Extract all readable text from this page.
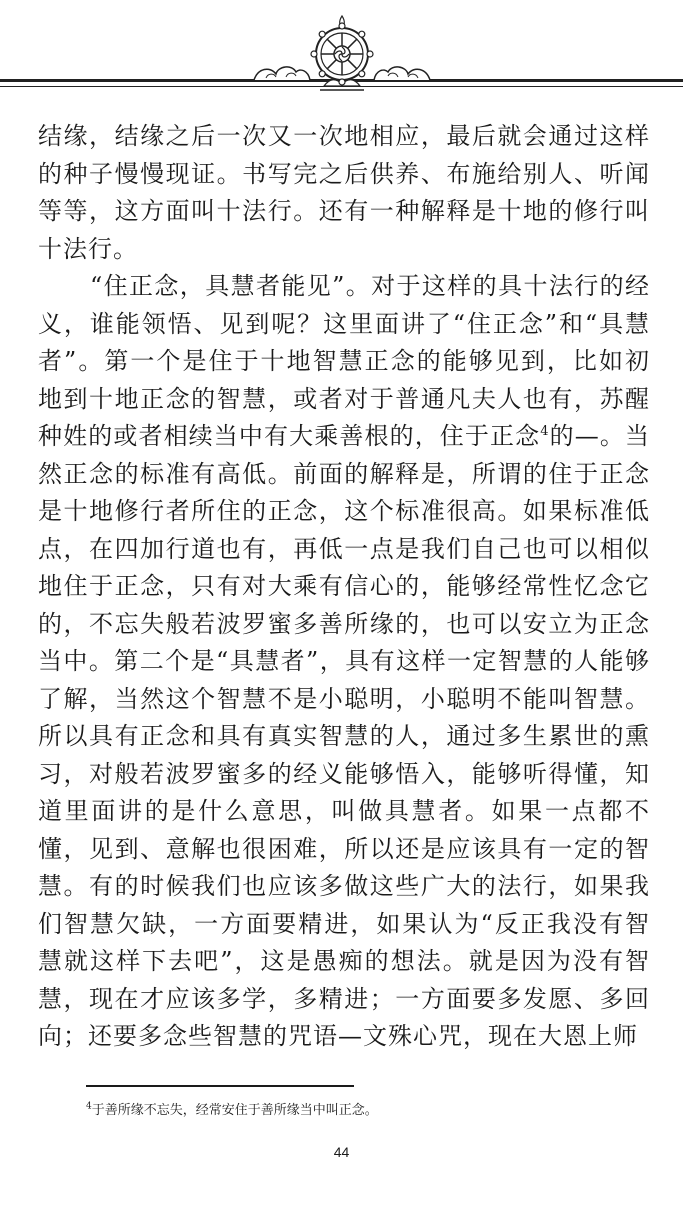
结缘，结缘之后一次又一次地相应，最后就会通过这样的种子慢慢现证。书写完之后供养、布施给别人、听闻等等，这方面叫十法行。还有一种解释是十地的修行叫十法行。

“住正念，具慧者能见”。对于这样的具十法行的经义，谁能领悟、见到呢？这里面讲了“住正念”和“具慧者”。第一个是住于十地智慧正念的能够见到，比如初地到十地正念的智慧，或者对于普通凡夫人也有，苏醒种姓的或者相续当中有大乘善根的，住于正念$^4$的—。当然正念的标准有高低。前面的解释是，所谓的住于正念是十地修行者所住的正念，这个标准很高。如果标准低点，在四加行道也有，再低一点是我们自己也可以相似地住于正念，只有对大乘有信心的，能够经常性忆念它的，不忘失般若波罗蜜多善所缘的，也可以安立为正念当中。第二个是“具慧者”，具有这样一定智慧的人能够了解，当然这个智慧不是小聪明，小聪明不能叫智慧。所以具有正念和具有真实智慧的人，通过多生累世的熏习，对般若波罗蜜多的经义能够悟入，能够听得懂，知道里面讲的是什么意思，叫做具慧者。如果一点都不懂，见到、意解也很困难，所以还是应该具有一定的智慧。有的时候我们也应该多做这些广大的法行，如果我们智慧欠缺，一方面要精进，如果认为“反正我没有智慧就这样下去吧”，这是愚痴的想法。就是因为没有智慧，现在才应该多学，多精进；一方面要多发愿、多回向；还要多念些智慧的咒语—文殊心咒，现在大恩上师

$^4$于善所缘不忘失，经常安住于善所缘当中叫正念。
44
